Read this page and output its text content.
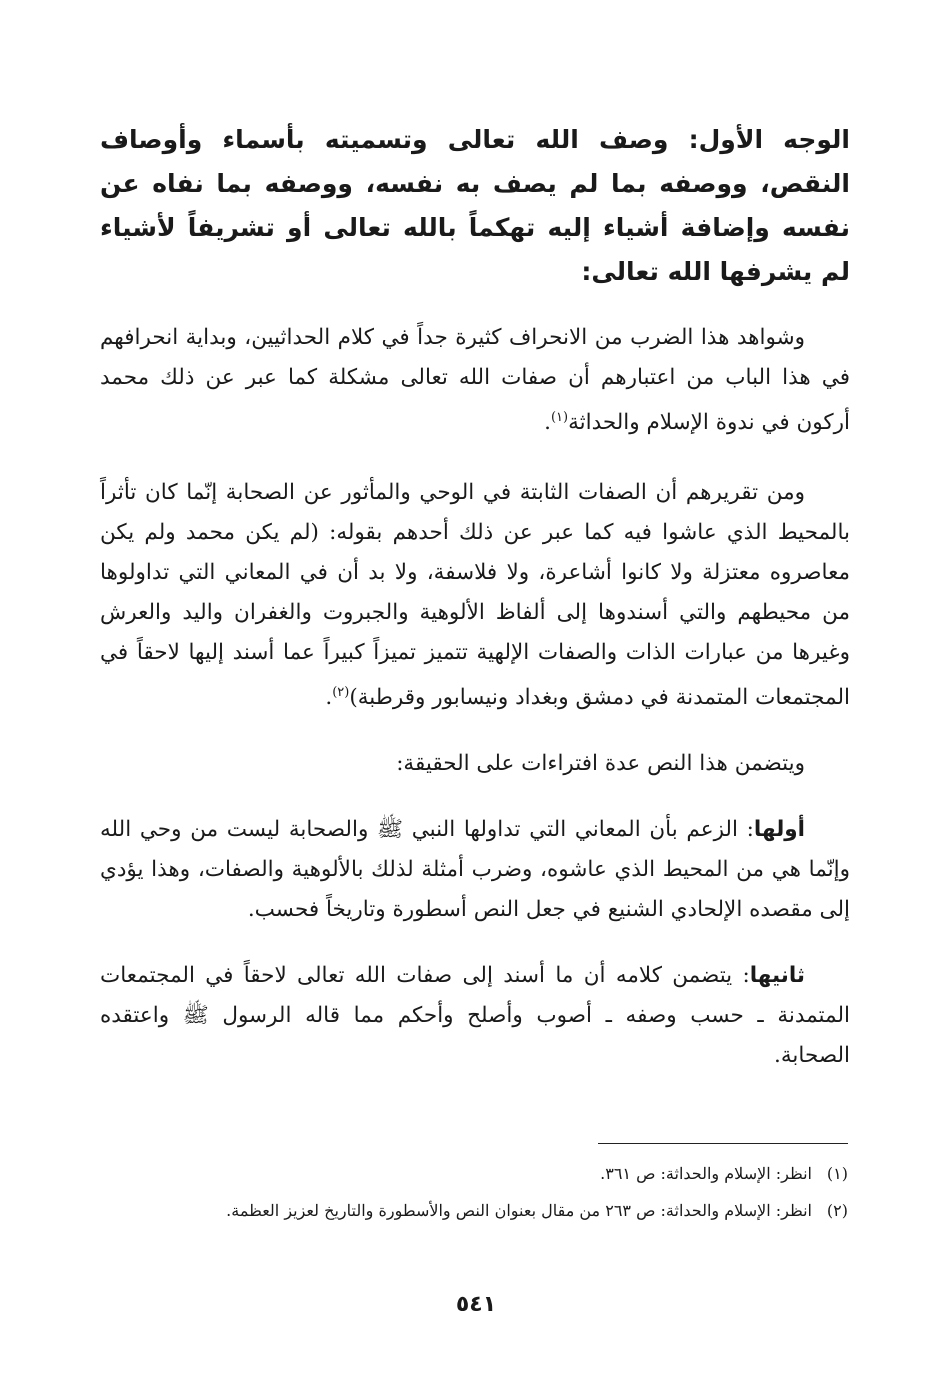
الوجه الأول: وصف الله تعالى وتسميته بأسماء وأوصاف النقص، ووصفه بما لم يصف به نفسه، ووصفه بما نفاه عن نفسه وإضافة أشياء إليه تهكماً بالله تعالى أو تشريفاً لأشياء لم يشرفها الله تعالى:

وشواهد هذا الضرب من الانحراف كثيرة جداً في كلام الحداثيين، وبداية انحرافهم في هذا الباب من اعتبارهم أن صفات الله تعالى مشكلة كما عبر عن ذلك محمد أركون في ندوة الإسلام والحداثة$^{(١)}$.

ومن تقريرهم أن الصفات الثابتة في الوحي والمأثور عن الصحابة إنّما كان تأثراً بالمحيط الذي عاشوا فيه كما عبر عن ذلك أحدهم بقوله: (لم يكن محمد ولم يكن معاصروه معتزلة ولا كانوا أشاعرة، ولا فلاسفة، ولا بد أن في المعاني التي تداولوها من محيطهم والتي أسندوها إلى ألفاظ الألوهية والجبروت والغفران واليد والعرش وغيرها من عبارات الذات والصفات الإلهية تتميز تميزاً كبيراً عما أسند إليها لاحقاً في المجتمعات المتمدنة في دمشق وبغداد ونيسابور وقرطبة)$^{(٢)}$.

ويتضمن هذا النص عدة افتراءات على الحقيقة:

أولها: الزعم بأن المعاني التي تداولها النبي ﷺ والصحابة ليست من وحي الله وإنّما هي من المحيط الذي عاشوه، وضرب أمثلة لذلك بالألوهية والصفات، وهذا يؤدي إلى مقصده الإلحادي الشنيع في جعل النص أسطورة وتاريخاً فحسب.

ثانيها: يتضمن كلامه أن ما أسند إلى صفات الله تعالى لاحقاً في المجتمعات المتمدنة ـ حسب وصفه ـ أصوب وأصلح وأحكم مما قاله الرسول ﷺ واعتقده الصحابة.

(١)
انظر: الإسلام والحداثة: ص ٣٦١.
(٢)
انظر: الإسلام والحداثة: ص ٢٦٣ من مقال بعنوان النص والأسطورة والتاريخ لعزيز العظمة.
٥٤١
